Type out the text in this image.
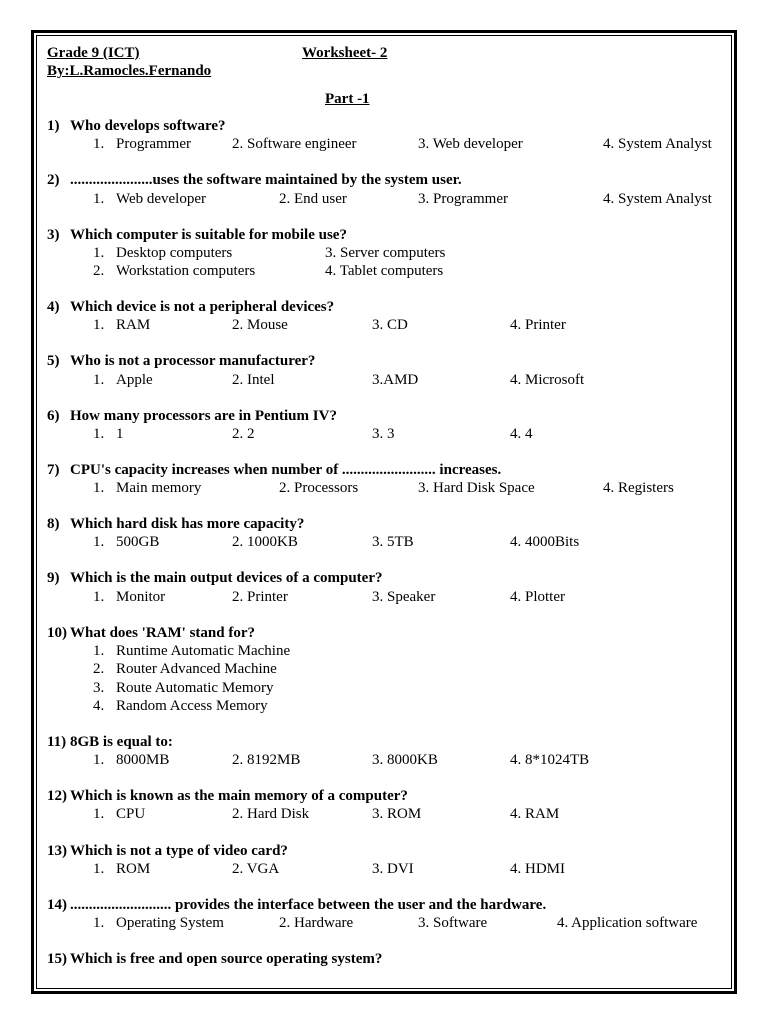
Grade 9 (ICT)
By:L.Ramocles.Fernando
Worksheet- 2
Part -1
1) Who develops software?
1. Programmer	2. Software engineer	3. Web developer	4. System Analyst
2) ......................uses the software maintained by the system user.
1. Web developer	2. End user	3. Programmer	4. System Analyst
3) Which computer is suitable for mobile use?
1. Desktop computers	3. Server computers
2. Workstation computers	4. Tablet computers
4) Which device is not a peripheral devices?
1. RAM	2. Mouse	3. CD	4. Printer
5) Who is not a processor manufacturer?
1. Apple	2. Intel	3.AMD	4. Microsoft
6) How many processors are in Pentium IV?
1. 1	2. 2	3. 3	4. 4
7) CPU's capacity increases when number of ......................... increases.
1. Main memory	2. Processors	3. Hard Disk Space	4. Registers
8) Which hard disk has more capacity?
1. 500GB	2. 1000KB	3. 5TB	4. 4000Bits
9) Which is the main output devices of a computer?
1. Monitor	2. Printer	3. Speaker	4. Plotter
10) What does 'RAM' stand for?
1. Runtime Automatic Machine
2. Router Advanced Machine
3. Route Automatic Memory
4. Random Access Memory
11) 8GB is equal to:
1. 8000MB	2. 8192MB	3. 8000KB	4. 8*1024TB
12) Which is known as the main memory of a computer?
1. CPU	2. Hard Disk	3. ROM	4. RAM
13) Which is not a type of video card?
1. ROM	2. VGA	3. DVI	4. HDMI
14) ........................... provides the interface between the user and the hardware.
1. Operating System	2. Hardware	3. Software	4. Application software
15) Which is free and open source operating system?
